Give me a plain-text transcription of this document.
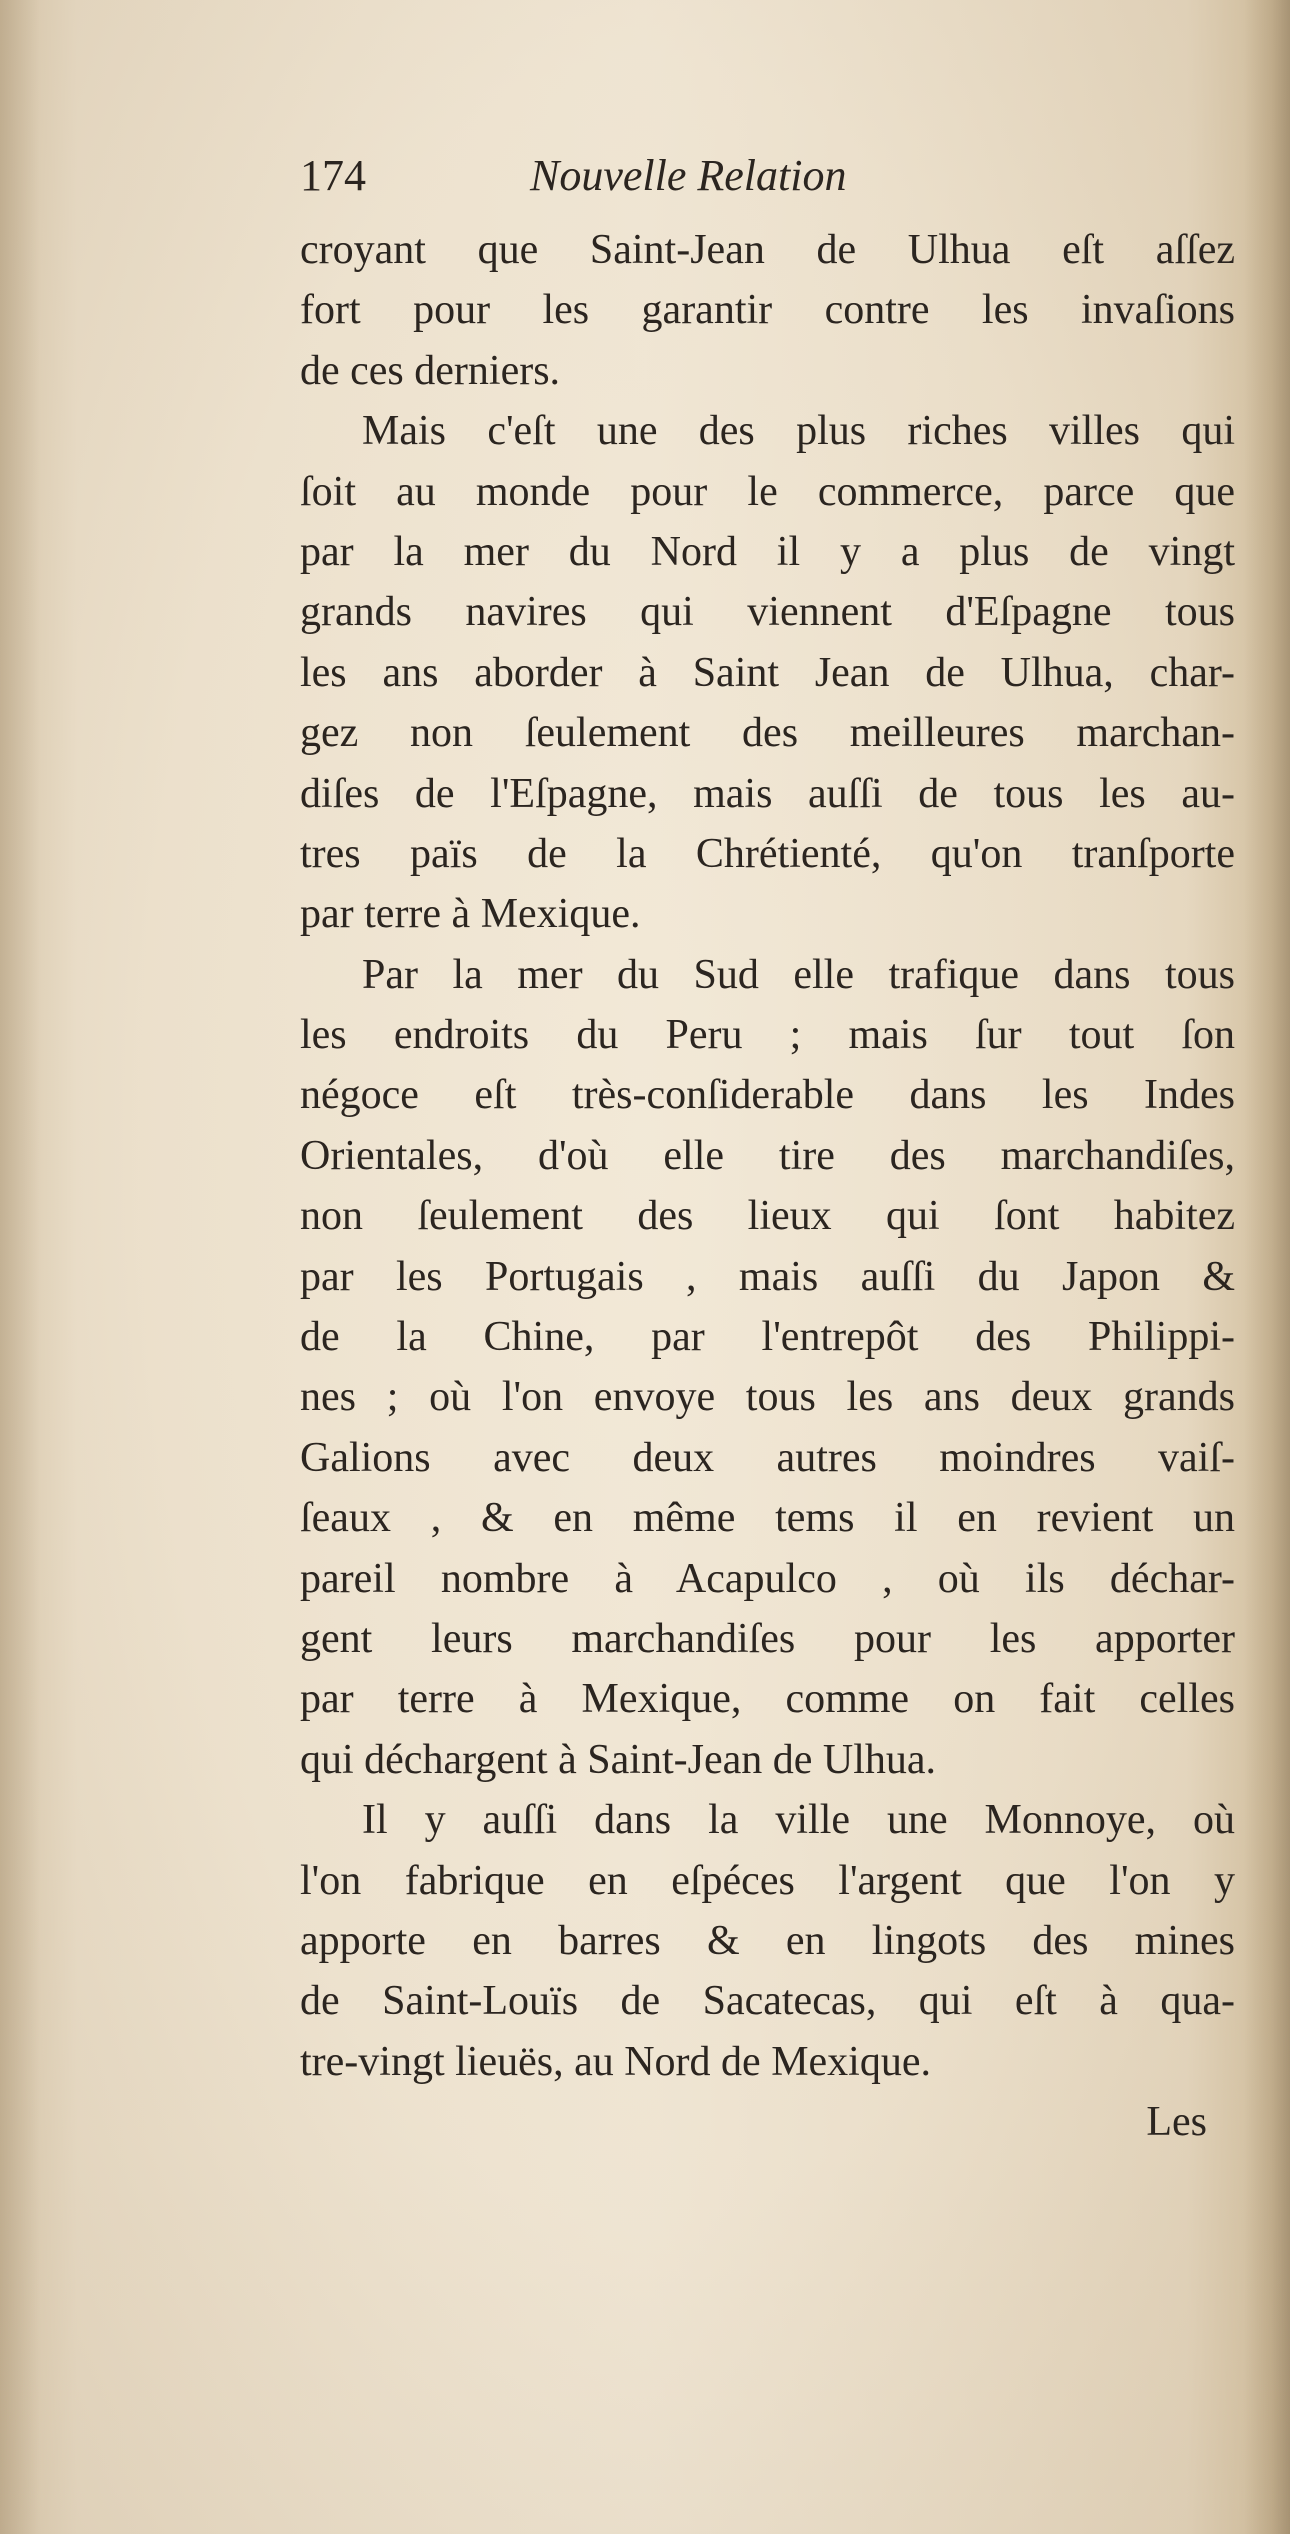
174	Nouvelle Relation
croyant que Saint-Jean de Ulhua eſt aſſez
fort pour les garantir contre les invaſions
de ces derniers.
Mais c'eſt une des plus riches villes qui
ſoit au monde pour le commerce, parce que
par la mer du Nord il y a plus de vingt
grands navires qui viennent d'Eſpagne tous
les ans aborder à Saint Jean de Ulhua, char-
gez non ſeulement des meilleures marchan-
diſes de l'Eſpagne, mais auſſi de tous les au-
tres païs de la Chrétienté, qu'on tranſporte
par terre à Mexique.
Par la mer du Sud elle trafique dans tous
les endroits du Peru ; mais ſur tout ſon
négoce eſt très-conſiderable dans les Indes
Orientales, d'où elle tire des marchandiſes,
non ſeulement des lieux qui ſont habitez
par les Portugais , mais auſſi du Japon &
de la Chine, par l'entrepôt des Philippi-
nes ; où l'on envoye tous les ans deux grands
Galions avec deux autres moindres vaiſ-
ſeaux , & en même tems il en revient un
pareil nombre à Acapulco , où ils déchar-
gent leurs marchandiſes pour les apporter
par terre à Mexique, comme on fait celles
qui déchargent à Saint-Jean de Ulhua.
Il y auſſi dans la ville une Monnoye, où
l'on fabrique en eſpéces l'argent que l'on y
apporte en barres & en lingots des mines
de Saint-Louïs de Sacatecas, qui eſt à qua-
tre-vingt lieuës, au Nord de Mexique.
Les
